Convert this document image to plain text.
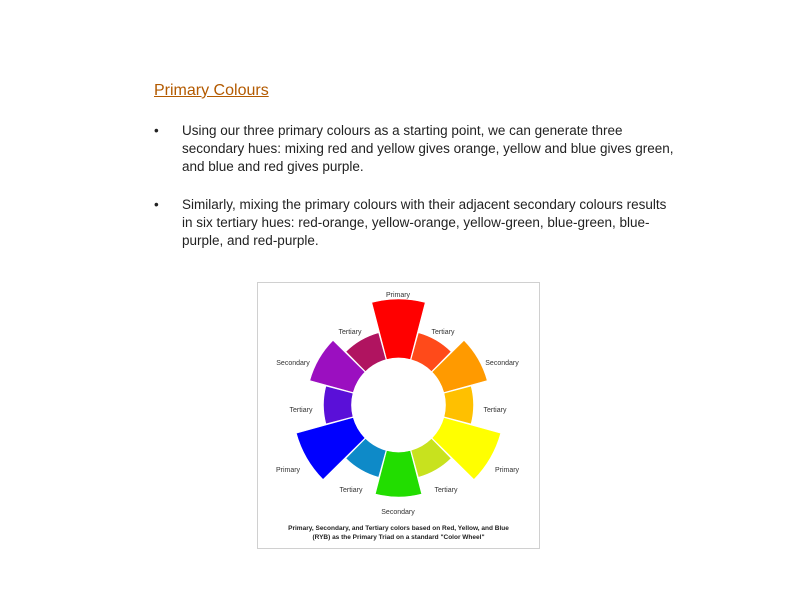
Primary Colours
• Using our three primary colours as a starting point, we can generate three secondary hues: mixing red and yellow gives orange, yellow and blue gives green, and blue and red gives purple.
• Similarly, mixing the primary colours with their adjacent secondary colours results in six tertiary hues: red-orange, yellow-orange, yellow-green, blue-green, blue-purple, and red-purple.
Primary
Tertiary
Secondary
Tertiary
Primary
Tertiary
Secondary
Tertiary
Primary
Tertiary
Secondary
Tertiary
Primary, Secondary, and Tertiary colors based on Red, Yellow, and Blue
(RYB) as the Primary Triad on a standard "Color Wheel"
